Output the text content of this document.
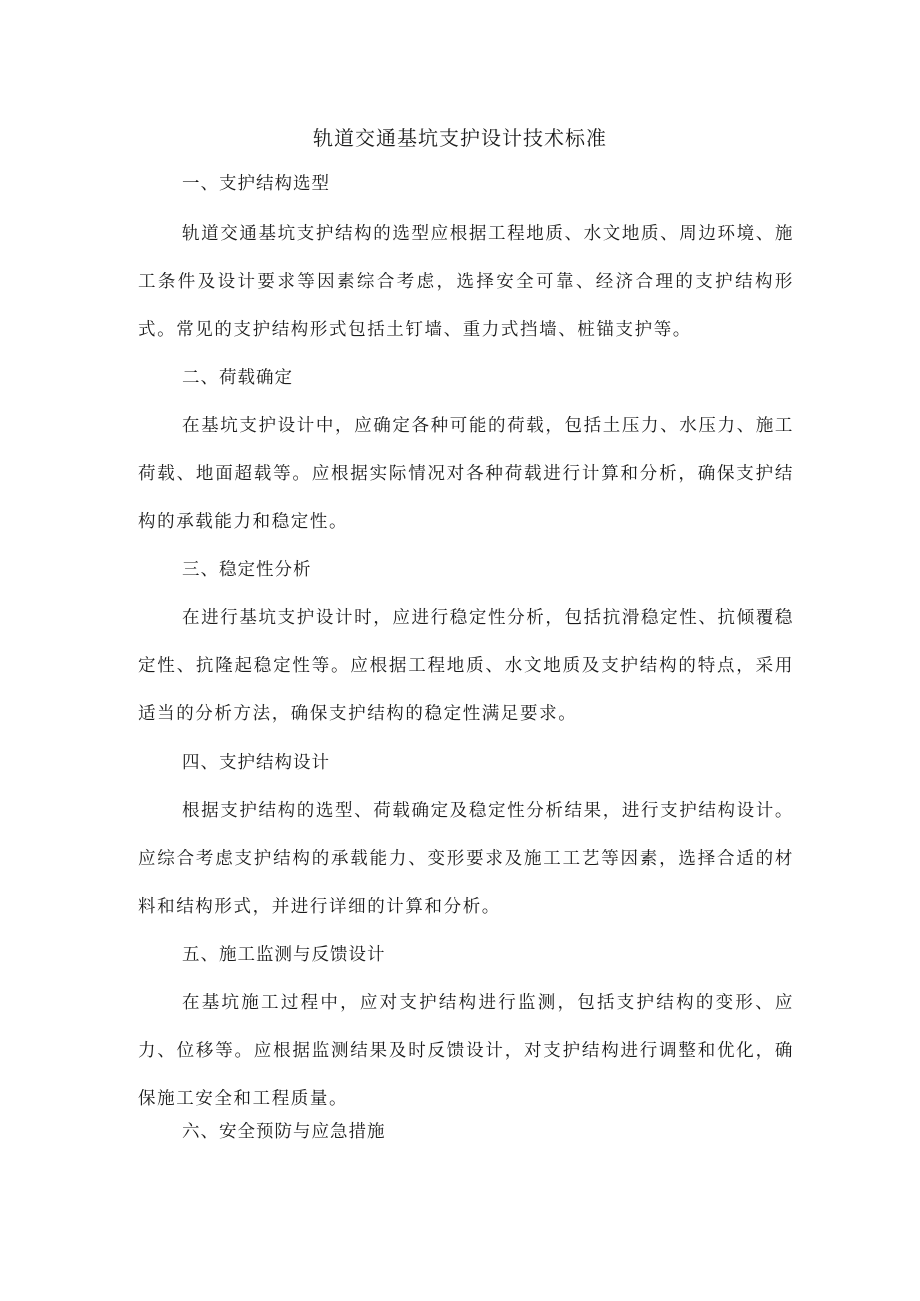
轨道交通基坑支护设计技术标准
一、支护结构选型
轨道交通基坑支护结构的选型应根据工程地质、水文地质、周边环境、施工条件及设计要求等因素综合考虑，选择安全可靠、经济合理的支护结构形式。常见的支护结构形式包括土钉墙、重力式挡墙、桩锚支护等。
二、荷载确定
在基坑支护设计中，应确定各种可能的荷载，包括土压力、水压力、施工荷载、地面超载等。应根据实际情况对各种荷载进行计算和分析，确保支护结构的承载能力和稳定性。
三、稳定性分析
在进行基坑支护设计时，应进行稳定性分析，包括抗滑稳定性、抗倾覆稳定性、抗隆起稳定性等。应根据工程地质、水文地质及支护结构的特点，采用适当的分析方法，确保支护结构的稳定性满足要求。
四、支护结构设计
根据支护结构的选型、荷载确定及稳定性分析结果，进行支护结构设计。应综合考虑支护结构的承载能力、变形要求及施工工艺等因素，选择合适的材料和结构形式，并进行详细的计算和分析。
五、施工监测与反馈设计
在基坑施工过程中，应对支护结构进行监测，包括支护结构的变形、应力、位移等。应根据监测结果及时反馈设计，对支护结构进行调整和优化，确保施工安全和工程质量。
六、安全预防与应急措施
